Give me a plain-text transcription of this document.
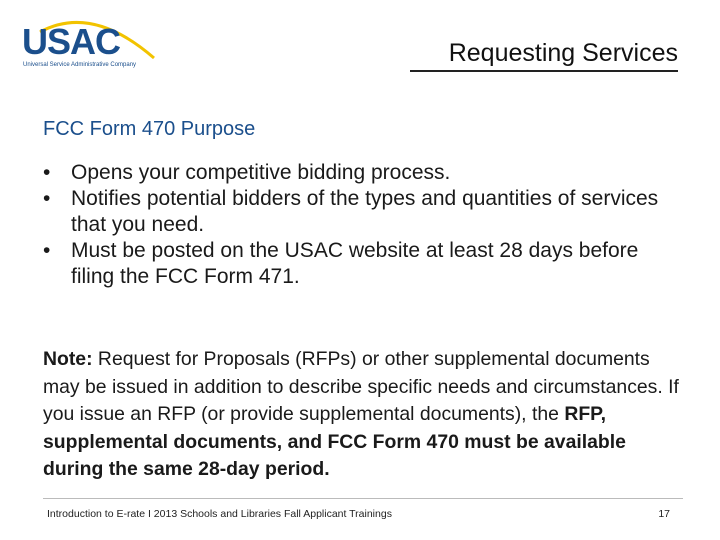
USAC
Universal Service Administrative Company	Requesting Services
FCC Form 470 Purpose
• Opens your competitive bidding process.
• Notifies potential bidders of the types and quantities of services that you need.
• Must be posted on the USAC website at least 28 days before filing the FCC Form 471.

Note: Request for Proposals (RFPs) or other supplemental documents may be issued in addition to describe specific needs and circumstances. If you issue an RFP (or provide supplemental documents), the RFP, supplemental documents, and FCC Form 470 must be available during the same 28-day period.

Introduction to E-rate I 2013 Schools and Libraries Fall Applicant Trainings	17
